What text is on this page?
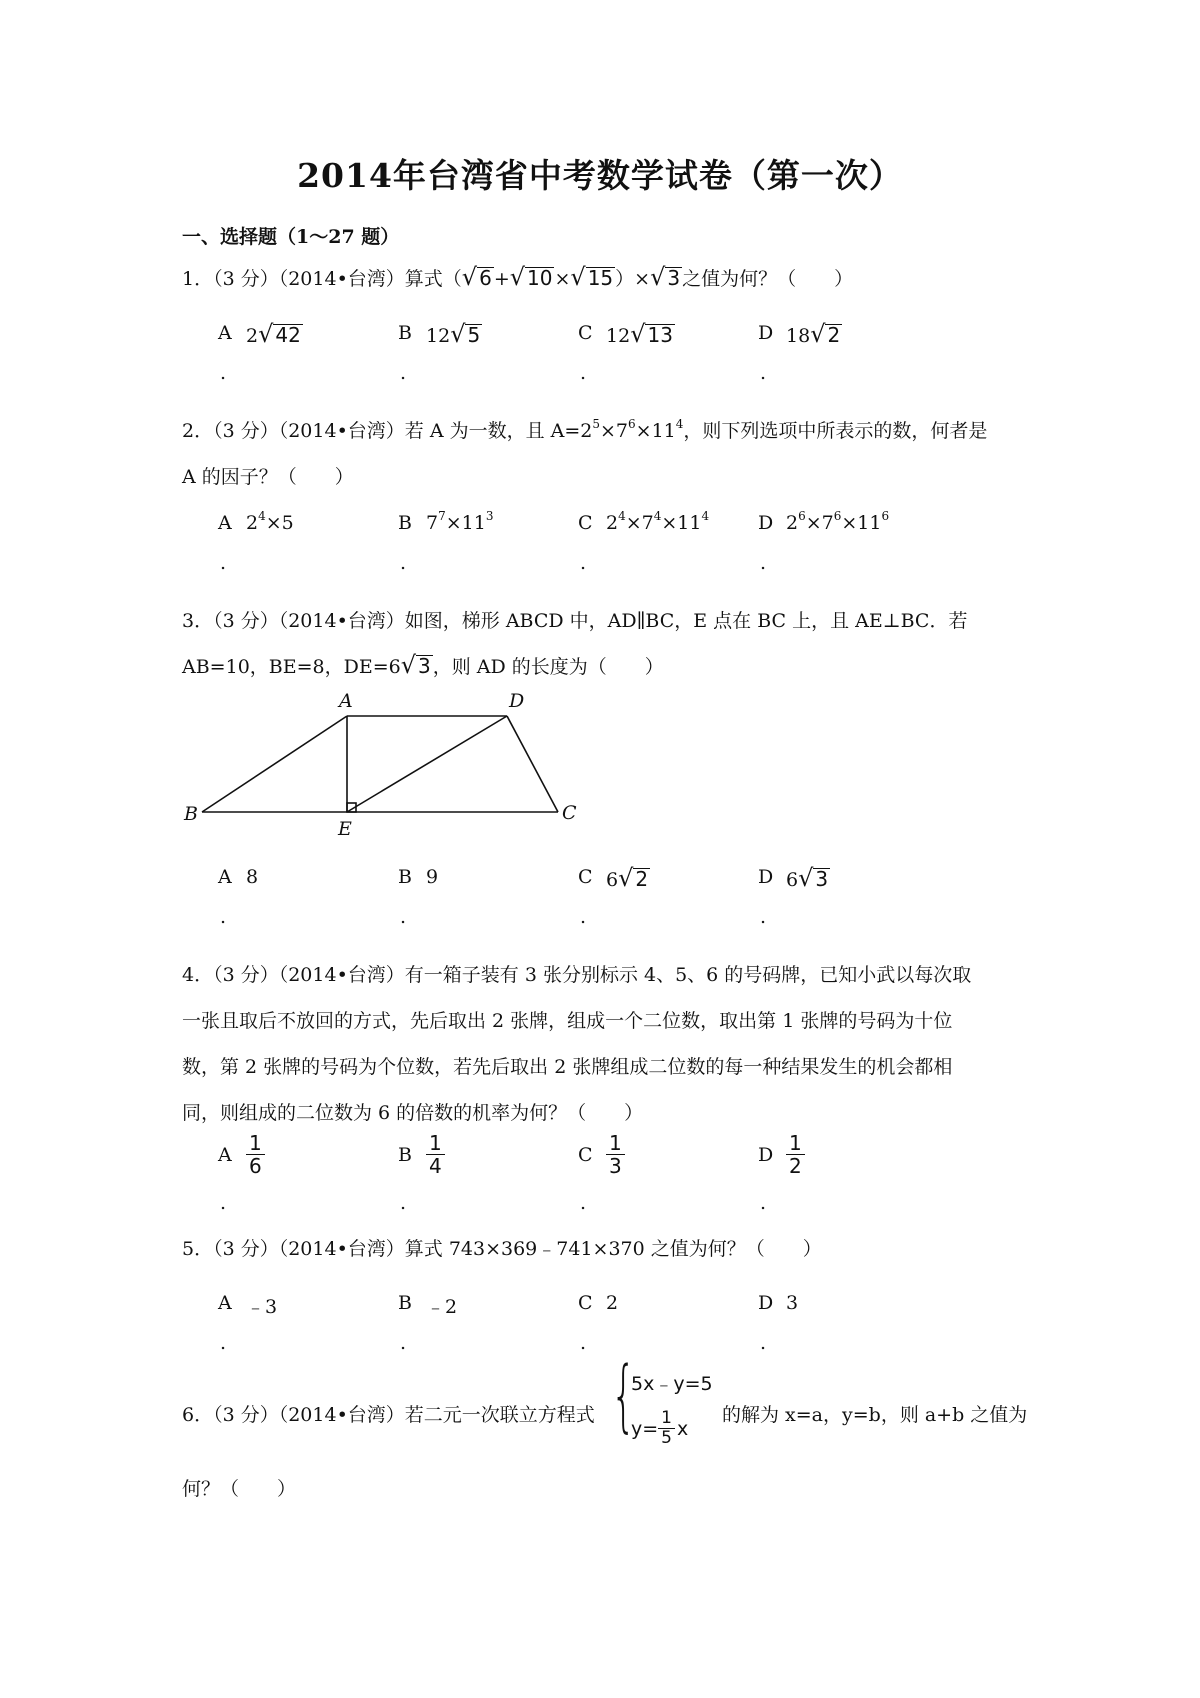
2014年台湾省中考数学试卷（第一次）
一、选择题（1～27 题）
1．（3 分）（2014•台湾）算式（ √ 6 + √ 10 × √ 15 ）× √ 3 之值为何？（　　）
A 2 √ 42
.
B 12 √ 5
.
C 12 √ 13
.
D 18 √ 2
.
2．（3 分）（2014•台湾）若 A 为一数，且 $A=2^5\times 7^6\times 11^4$，则下列选项中所表示的数，何者是
A 的因子？（　　）
A $2^4\times 5$
.
B $7^7\times 11^3$
.
C $2^4\times 7^4\times 11^4$
.
D $2^6\times 7^6\times 11^6$
.
3．（3 分）（2014•台湾）如图，梯形 ABCD 中，AD∥BC，E 点在 BC 上，且 AE⊥BC．若
AB=10，BE=8，DE=6 √ 3 ，则 AD 的长度为（　　）
A	D
B	C
E
A 8
.
B 9
.
C 6 √ 2
.
D 6 √ 3
.
4．（3 分）（2014•台湾）有一箱子装有 3 张分别标示 4、5、6 的号码牌，已知小武以每次取
一张且取后不放回的方式，先后取出 2 张牌，组成一个二位数，取出第 1 张牌的号码为十位
数，第 2 张牌的号码为个位数，若先后取出 2 张牌组成二位数的每一种结果发生的机会都相
同，则组成的二位数为 6 的倍数的机率为何？（　　）
A $\frac{1}{6}$
.
B $\frac{1}{4}$
.
C $\frac{1}{3}$
.
D $\frac{1}{2}$
.
5．（3 分）（2014•台湾）算式 743×369﹣741×370 之值为何？（　　）
A ﹣3
.
B ﹣2
.
C 2
.
D 3
.
6．（3 分）（2014•台湾）若二元一次联立方程式 {
5x﹣y=5
$y= \frac{1}{5}$ x
的解为 x=a，y=b，则 a+b 之值为
何？（　　）
